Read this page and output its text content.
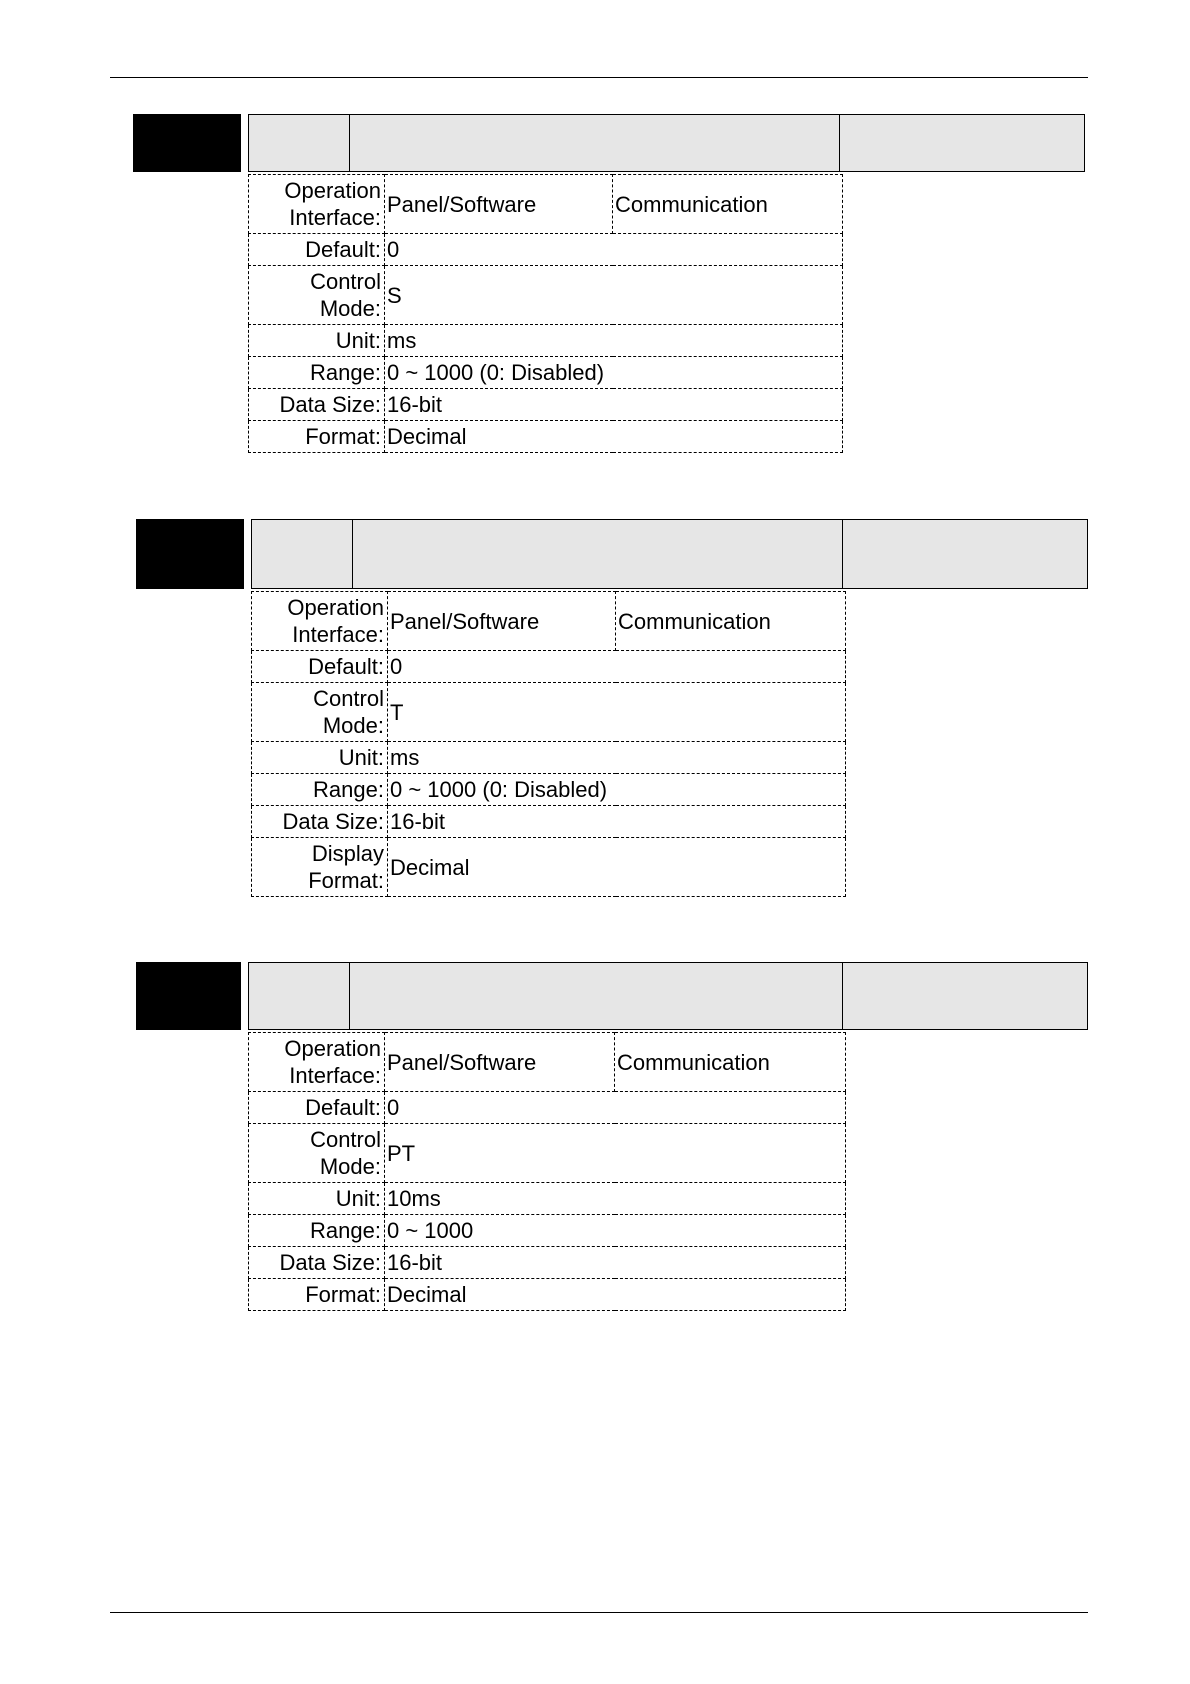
Operation
Interface:	Panel/Software	Communication
Default:	0	

Control
Mode:	S	
Unit:	ms	
Range:	0 ~ 1000 (0: Disabled)	
Data Size:	16-bit	
Format:	Decimal	
Operation
Interface:	Panel/Software	Communication
Default:	0	

Control
Mode:	T	
Unit:	ms	
Range:	0 ~ 1000 (0: Disabled)	
Data Size:	16-bit	

Display
Format:	Decimal	
Operation
Interface:	Panel/Software	Communication
Default:	0	

Control
Mode:	PT	
Unit:	10ms	
Range:	0 ~ 1000	
Data Size:	16-bit	
Format:	Decimal	
